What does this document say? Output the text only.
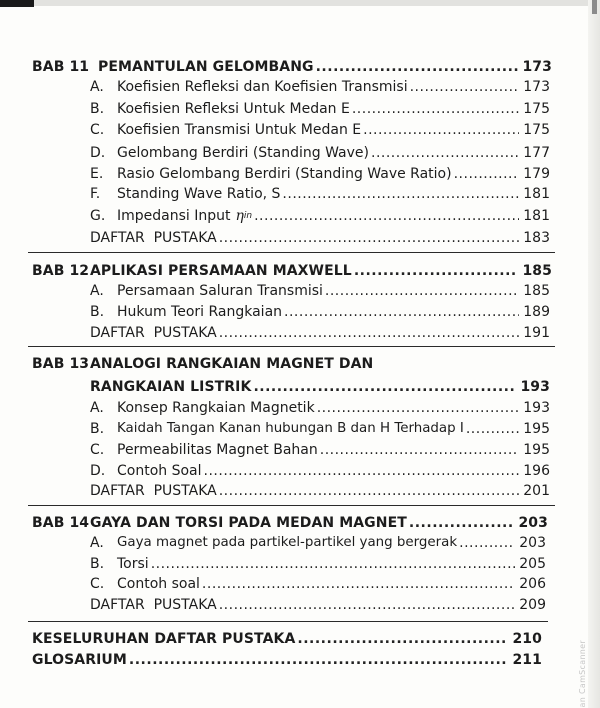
an CamScanner
BAB 11 PEMANTULAN GELOMBANG .....	173
A. Koefisien Refleksi dan Koefisien Transmisi .....	173
B. Koefisien Refleksi Untuk Medan E .....	175
C. Koefisien Transmisi Untuk Medan E .....	175
D. Gelombang Berdiri (Standing Wave) .....	177
E. Rasio Gelombang Berdiri (Standing Wave Ratio) .....	179
F.	Standing Wave Ratio, S .....	181
G. Impedansi Input η in .....	181
DAFTAR  PUSTAKA .....	183
BAB 12 APLIKASI PERSAMAAN MAXWELL .....	185
A. Persamaan Saluran Transmisi .....	185
B. Hukum Teori Rangkaian .....	189
DAFTAR  PUSTAKA .....	191
BAB 13 ANALOGI RANGKAIAN MAGNET DAN
RANGKAIAN LISTRIK .....	193
A. Konsep Rangkaian Magnetik .....	193
B. Kaidah Tangan Kanan hubungan B dan H Terhadap I .....	195
C. Permeabilitas Magnet Bahan .....	195
D. Contoh Soal .....	196
DAFTAR  PUSTAKA .....	201
BAB 14 GAYA DAN TORSI PADA MEDAN MAGNET .....	203
A. Gaya magnet pada partikel-partikel yang bergerak .....	203
B. Torsi .....	205
C. Contoh soal .....	206
DAFTAR  PUSTAKA .....	209
KESELURUHAN DAFTAR PUSTAKA .....	210
GLOSARIUM .....	211
